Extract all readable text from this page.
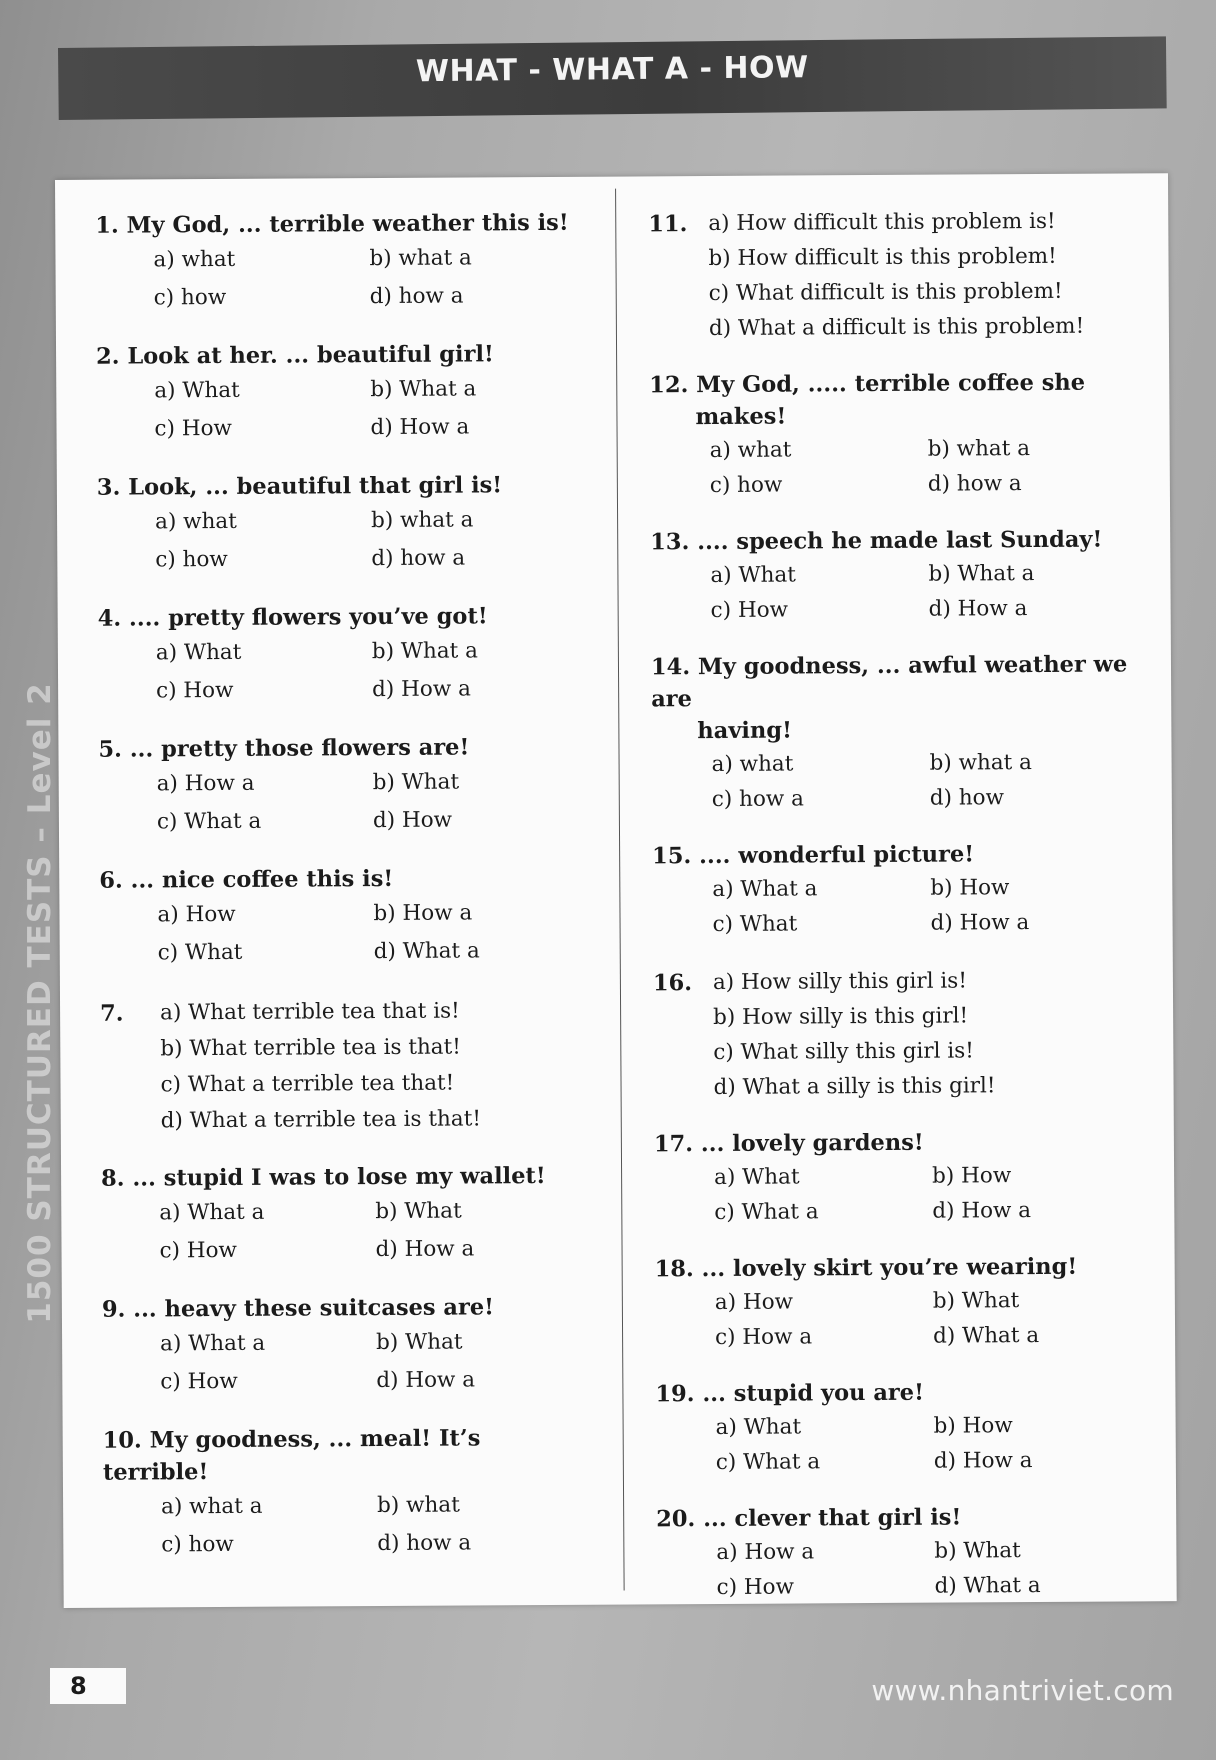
WHAT - WHAT A - HOW
1500 STRUCTURED TESTS – Level 2
1. My God, ... terrible weather this is!
a) what	b) what a
c) how	d) how a
2. Look at her. ... beautiful girl!
a) What	b) What a
c) How	d) How a
3. Look, ... beautiful that girl is!
a) what	b) what a
c) how	d) how a
4. .... pretty flowers you’ve got!
a) What	b) What a
c) How	d) How a
5. ... pretty those flowers are!
a) How a	b) What
c) What a	d) How
6. ... nice coffee this is!
a) How	b) How a
c) What	d) What a
7.	a) What terrible tea that is!
b) What terrible tea is that!
c) What a terrible tea that!
d) What a terrible tea is that!
8. ... stupid I was to lose my wallet!
a) What a	b) What
c) How	d) How a
9. ... heavy these suitcases are!
a) What a	b) What
c) How	d) How a
10. My goodness, ... meal! It’s terrible!
a) what a	b) what
c) how	d) how a
11. a) How difficult this problem is!
b) How difficult is this problem!
c) What difficult is this problem!
d) What a difficult is this problem!
12. My God, ..... terrible coffee she
makes!
a) what	b) what a
c) how	d) how a
13. .... speech he made last Sunday!
a) What	b) What a
c) How	d) How a
14. My goodness, ... awful weather we are
having!
a) what	b) what a
c) how a	d) how
15. .... wonderful picture!
a) What a	b) How
c) What	d) How a
16. a) How silly this girl is!
b) How silly is this girl!
c) What silly this girl is!
d) What a silly is this girl!
17. ... lovely gardens!
a) What	b) How
c) What a	d) How a
18. ... lovely skirt you’re wearing!
a) How	b) What
c) How a	d) What a
19. ... stupid you are!
a) What	b) How
c) What a	d) How a
20. ... clever that girl is!
a) How a	b) What
c) How	d) What a
8	www.nhantriviet.com
